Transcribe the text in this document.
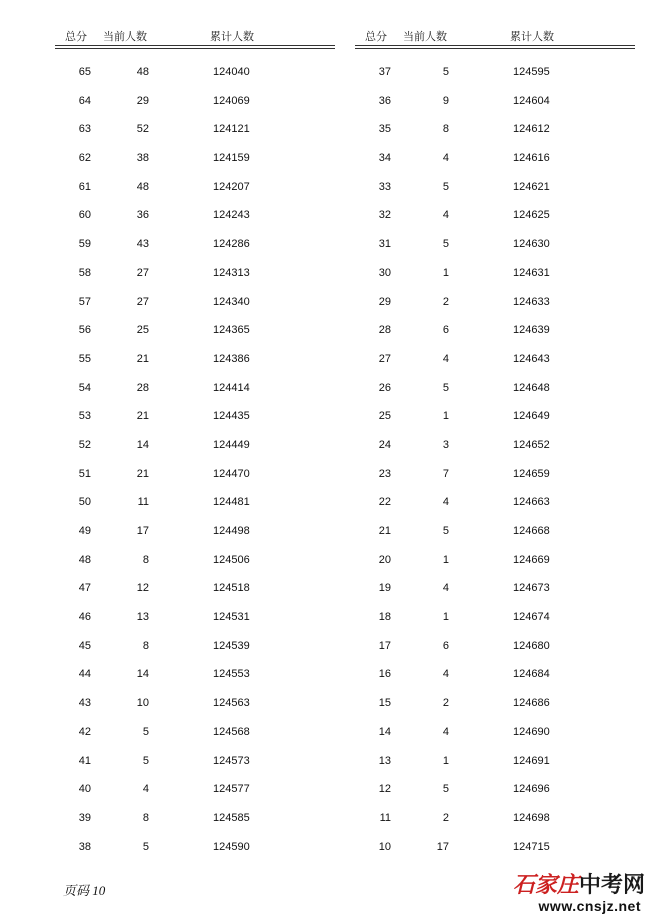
总分 当前人数	累计人数
65	48	124040
64	29	124069
63	52	124121
62	38	124159
61	48	124207
60	36	124243
59	43	124286
58	27	124313
57	27	124340
56	25	124365
55	21	124386
54	28	124414
53	21	124435
52	14	124449
51	21	124470
50	11	124481
49	17	124498
48	8	124506
47	12	124518
46	13	124531
45	8	124539
44	14	124553
43	10	124563
42	5	124568
41	5	124573
40	4	124577
39	8	124585
38	5	124590
总分 当前人数	累计人数
37	5	124595
36	9	124604
35	8	124612
34	4	124616
33	5	124621
32	4	124625
31	5	124630
30	1	124631
29	2	124633
28	6	124639
27	4	124643
26	5	124648
25	1	124649
24	3	124652
23	7	124659
22	4	124663
21	5	124668
20	1	124669
19	4	124673
18	1	124674
17	6	124680
16	4	124684
15	2	124686
14	4	124690
13	1	124691
12	5	124696
11	2	124698
10	17	124715
页码 10	石家庄中考网
www.cnsjz.net
